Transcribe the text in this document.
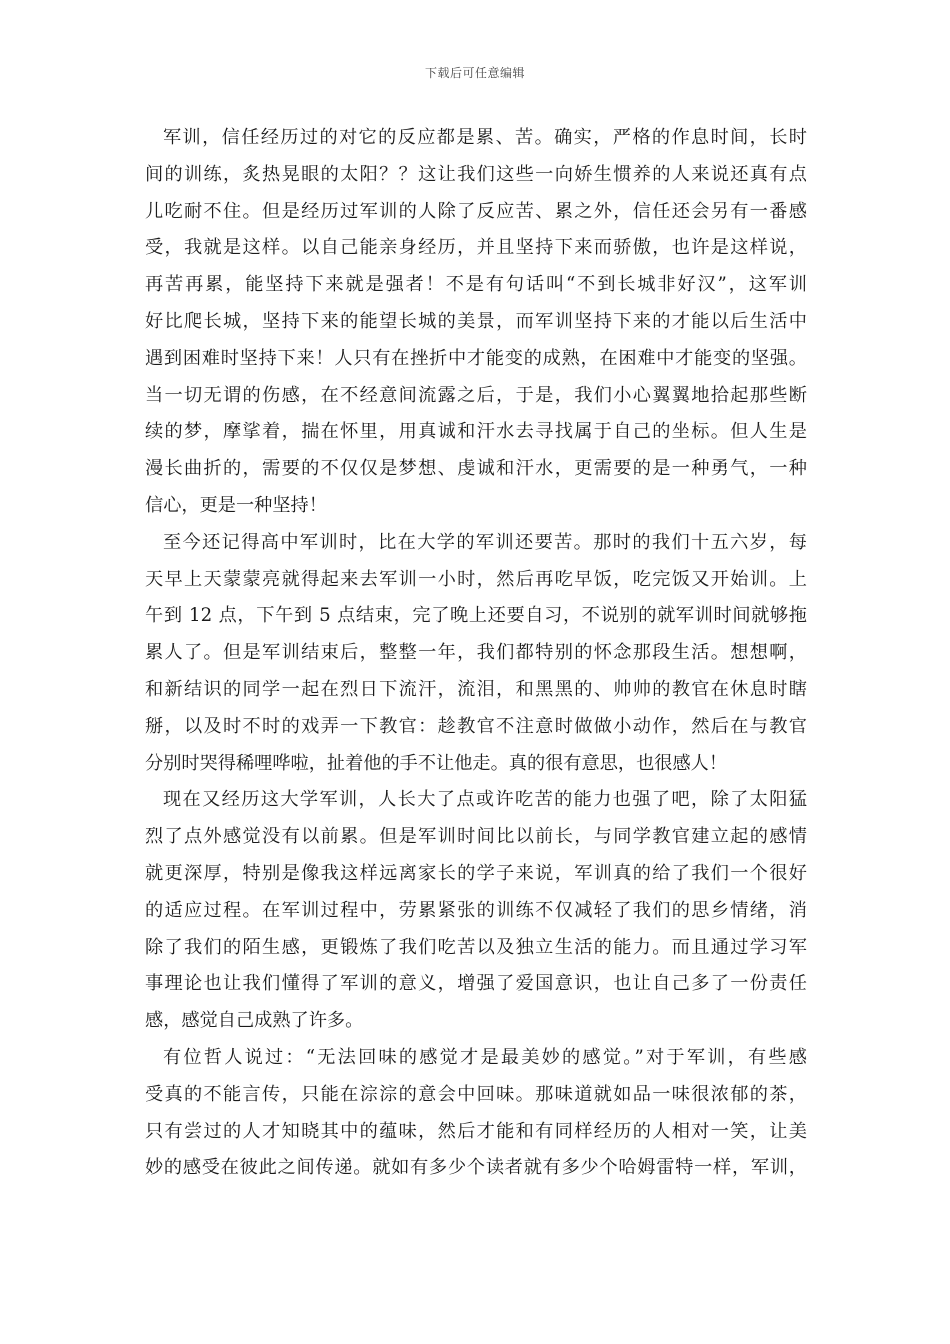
下载后可任意编辑
军训，信任经历过的对它的反应都是累、苦。确实，严格的作息时间，长时
间的训练，炙热晃眼的太阳？？这让我们这些一向娇生惯养的人来说还真有点
儿吃耐不住。但是经历过军训的人除了反应苦、累之外，信任还会另有一番感
受，我就是这样。以自己能亲身经历，并且坚持下来而骄傲，也许是这样说，
再苦再累，能坚持下来就是强者！不是有句话叫“不到长城非好汉”，这军训
好比爬长城，坚持下来的能望长城的美景，而军训坚持下来的才能以后生活中
遇到困难时坚持下来！人只有在挫折中才能变的成熟，在困难中才能变的坚强。
当一切无谓的伤感，在不经意间流露之后，于是，我们小心翼翼地拾起那些断
续的梦，摩挲着，揣在怀里，用真诚和汗水去寻找属于自己的坐标。但人生是
漫长曲折的，需要的不仅仅是梦想、虔诚和汗水，更需要的是一种勇气，一种
信心，更是一种坚持！
至今还记得高中军训时，比在大学的军训还要苦。那时的我们十五六岁，每
天早上天蒙蒙亮就得起来去军训一小时，然后再吃早饭，吃完饭又开始训。上
午到 12 点，下午到 5 点结束，完了晚上还要自习，不说别的就军训时间就够拖
累人了。但是军训结束后，整整一年，我们都特别的怀念那段生活。想想啊，
和新结识的同学一起在烈日下流汗，流泪，和黑黑的、帅帅的教官在休息时瞎
掰，以及时不时的戏弄一下教官：趁教官不注意时做做小动作，然后在与教官
分别时哭得稀哩哗啦，扯着他的手不让他走。真的很有意思，也很感人！
现在又经历这大学军训，人长大了点或许吃苦的能力也强了吧，除了太阳猛
烈了点外感觉没有以前累。但是军训时间比以前长，与同学教官建立起的感情
就更深厚，特别是像我这样远离家长的学子来说，军训真的给了我们一个很好
的适应过程。在军训过程中，劳累紧张的训练不仅减轻了我们的思乡情绪，消
除了我们的陌生感，更锻炼了我们吃苦以及独立生活的能力。而且通过学习军
事理论也让我们懂得了军训的意义，增强了爱国意识，也让自己多了一份责任
感，感觉自己成熟了许多。
有位哲人说过：“无法回味的感觉才是最美妙的感觉。”对于军训，有些感
受真的不能言传，只能在淙淙的意会中回味。那味道就如品一味很浓郁的茶，
只有尝过的人才知晓其中的蕴味，然后才能和有同样经历的人相对一笑，让美
妙的感受在彼此之间传递。就如有多少个读者就有多少个哈姆雷特一样，军训，
